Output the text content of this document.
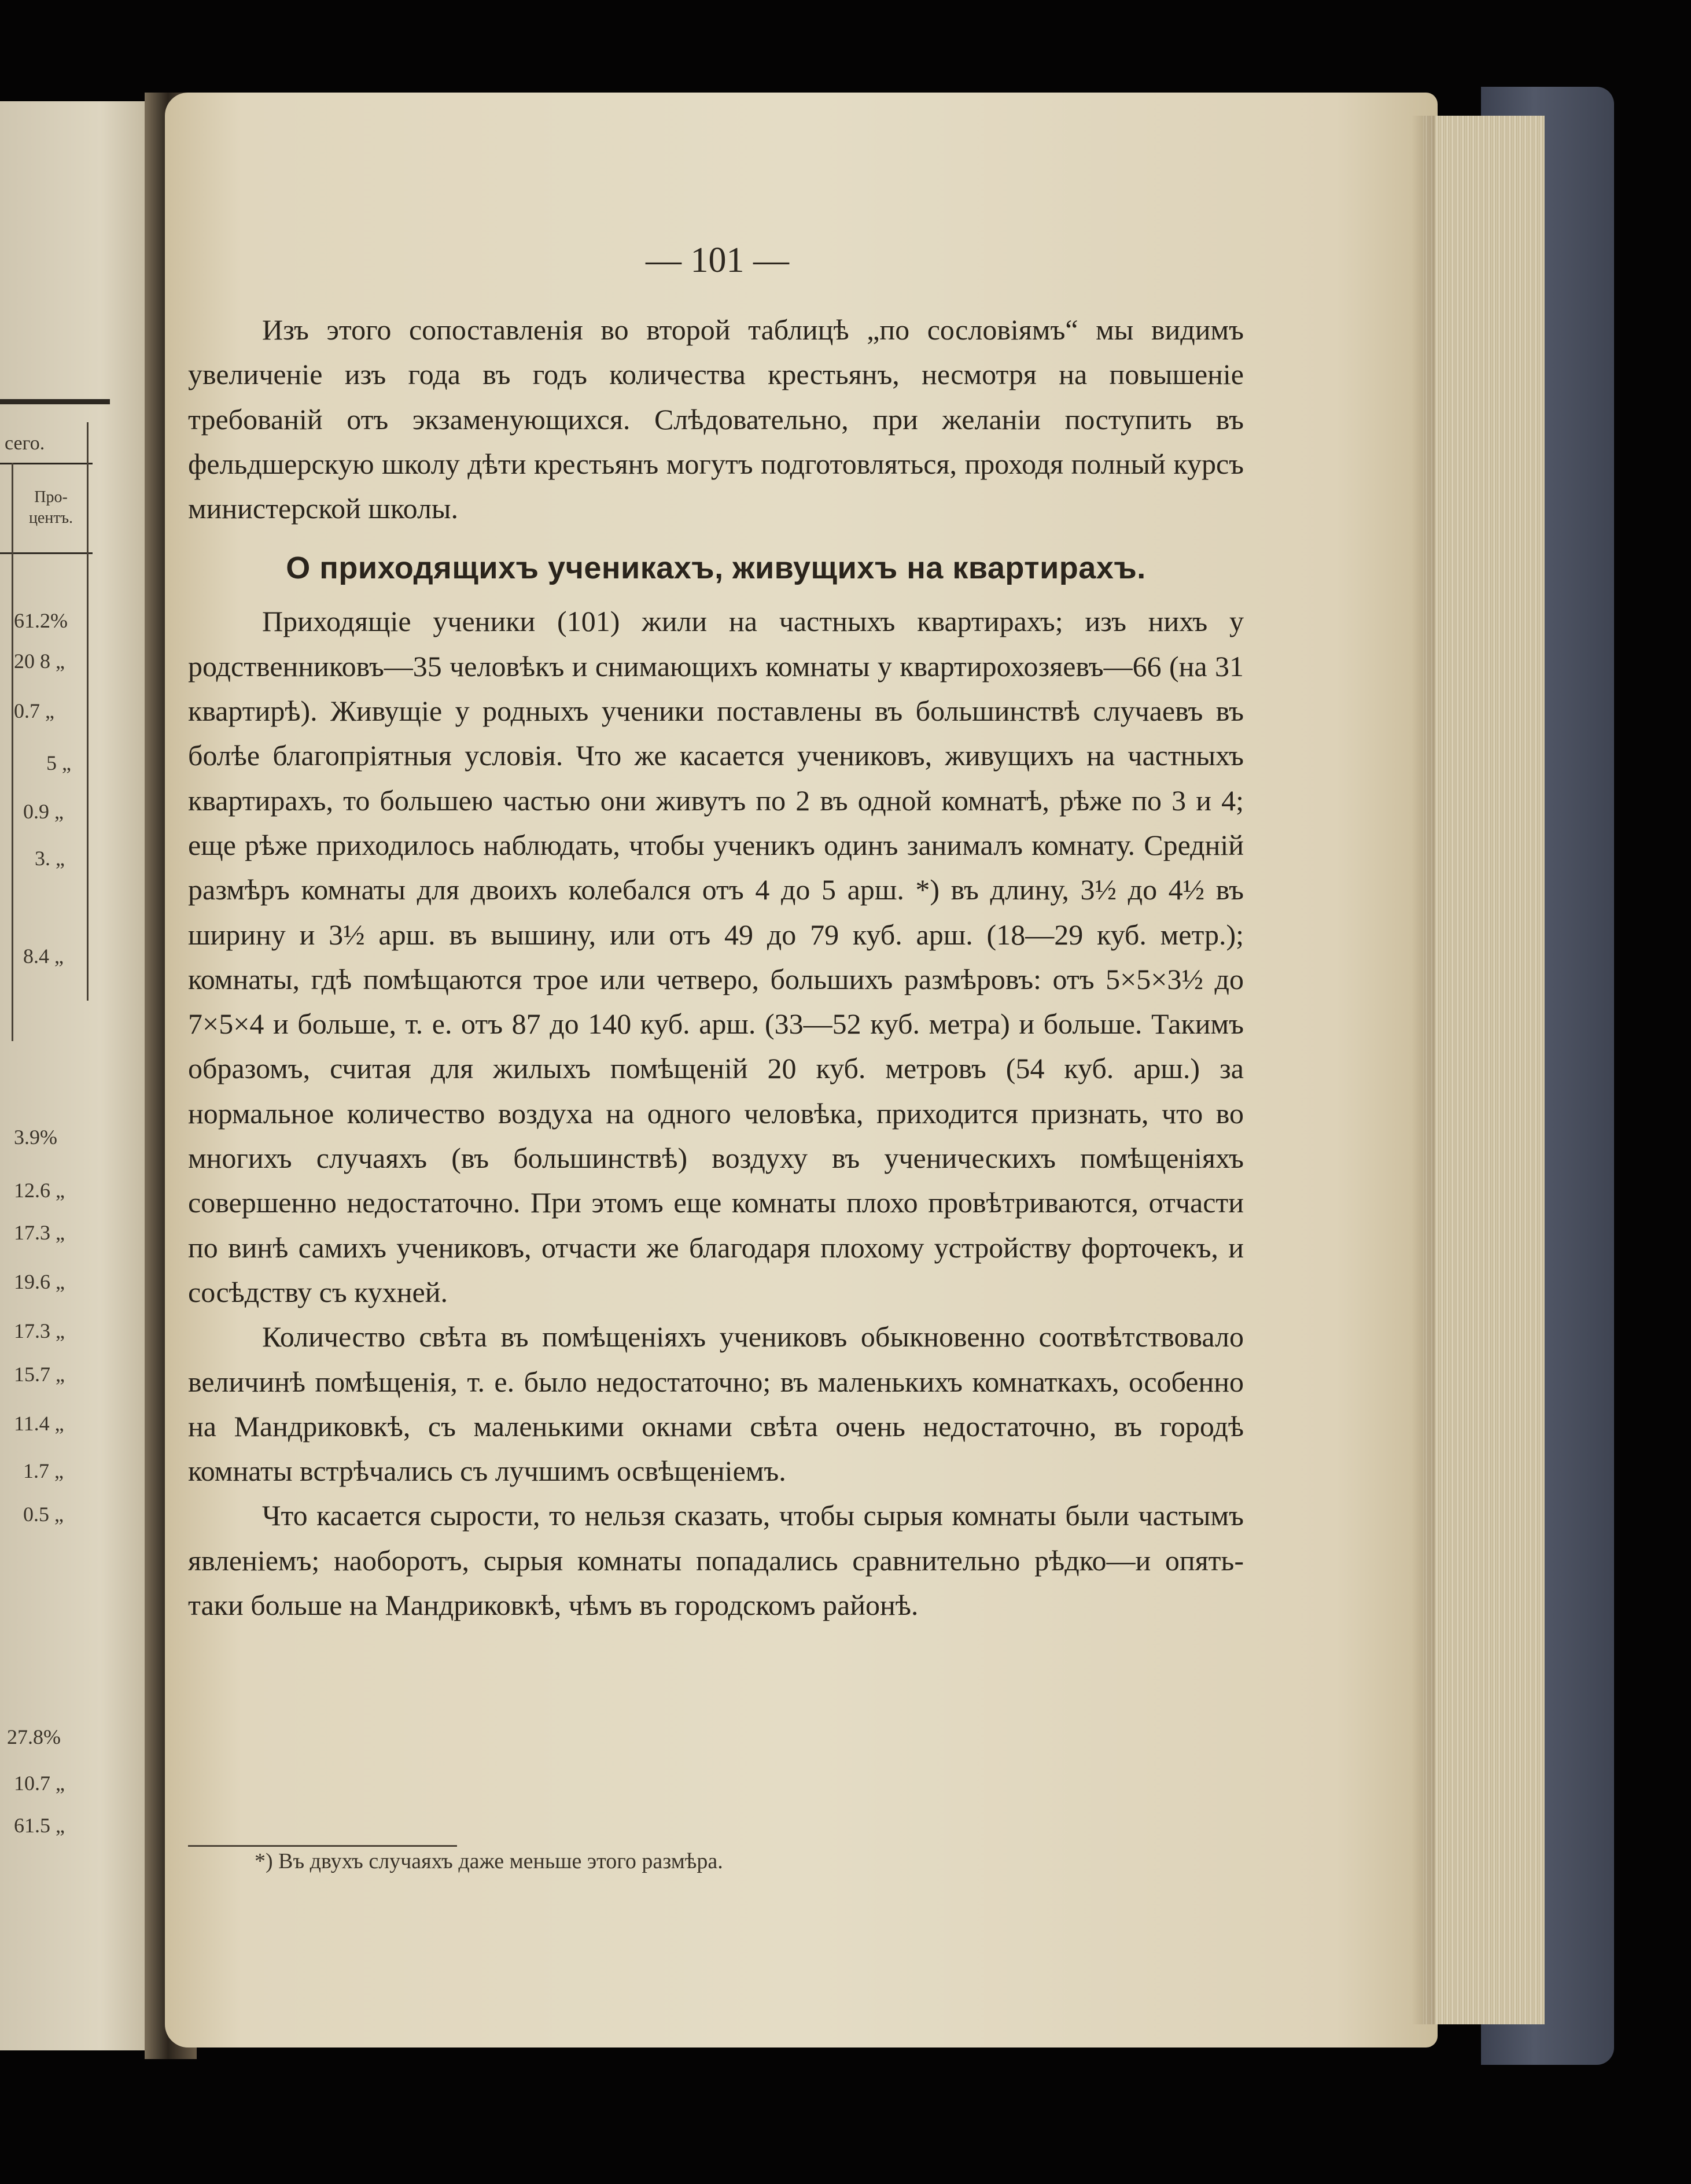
сего.
Про-
центъ.
61.2%
20 8 „
0.7 „
5 „
0.9 „
3. „
8.4 „
3.9%
12.6 „
17.3 „
19.6 „
17.3 „
15.7 „
11.4 „
1.7 „
0.5 „
27.8%
10.7 „
61.5 „
— 101 —

Изъ этого сопоставленія во второй таблицѣ „по сословіямъ“ мы видимъ увеличеніе изъ года въ годъ количества крестьянъ, несмотря на повышеніе требованій отъ экзаменующихся. Слѣдовательно, при желаніи поступить въ фельдшерскую школу дѣти крестьянъ могутъ подготовляться, проходя полный курсъ министерской школы.

О приходящихъ ученикахъ, живущихъ на квартирахъ.

Приходящіе ученики (101) жили на частныхъ квартирахъ; изъ нихъ у родственниковъ—35 человѣкъ и снимающихъ комнаты у квартирохозяевъ—66 (на 31 квартирѣ). Живущіе у родныхъ ученики поставлены въ большинствѣ случаевъ въ болѣе благопріятныя условія. Что же касается учениковъ, живущихъ на частныхъ квартирахъ, то большею частью они живутъ по 2 въ одной комнатѣ, рѣже по 3 и 4; еще рѣже приходилось наблюдать, чтобы ученикъ одинъ занималъ комнату. Среднiй размѣръ комнаты для двоихъ колебался отъ 4 до 5 арш. *) въ длину, 3½ до 4½ въ ширину и 3½ арш. въ вышину, или отъ 49 до 79 куб. арш. (18—29 куб. метр.); комнаты, гдѣ помѣщаются трое или четверо, большихъ размѣровъ: отъ 5×5×3½ до 7×5×4 и больше, т. е. отъ 87 до 140 куб. арш. (33—52 куб. метра) и больше. Такимъ образомъ, считая для жилыхъ помѣщеній 20 куб. метровъ (54 куб. арш.) за нормальное количество воздуха на одного человѣка, приходится признать, что во многихъ случаяхъ (въ большинствѣ) воздуху въ ученическихъ помѣщеніяхъ совершенно недостаточно. При этомъ еще комнаты плохо провѣтриваются, отчасти по винѣ самихъ учениковъ, отчасти же благодаря плохому устройству форточекъ, и сосѣдству съ кухней.

Количество свѣта въ помѣщеніяхъ учениковъ обыкновенно соотвѣтствовало величинѣ помѣщенія, т. е. было недостаточно; въ маленькихъ комнаткахъ, особенно на Мандриковкѣ, съ маленькими окнами свѣта очень недостаточно, въ городѣ комнаты встрѣчались съ лучшимъ освѣщеніемъ.

Что касается сырости, то нельзя сказать, чтобы сырыя комнаты были частымъ явленіемъ; наоборотъ, сырыя комнаты попадались сравнительно рѣдко—и опять-таки больше на Мандриковкѣ, чѣмъ въ городскомъ районѣ.

*) Въ двухъ случаяхъ даже меньше этого размѣра.
